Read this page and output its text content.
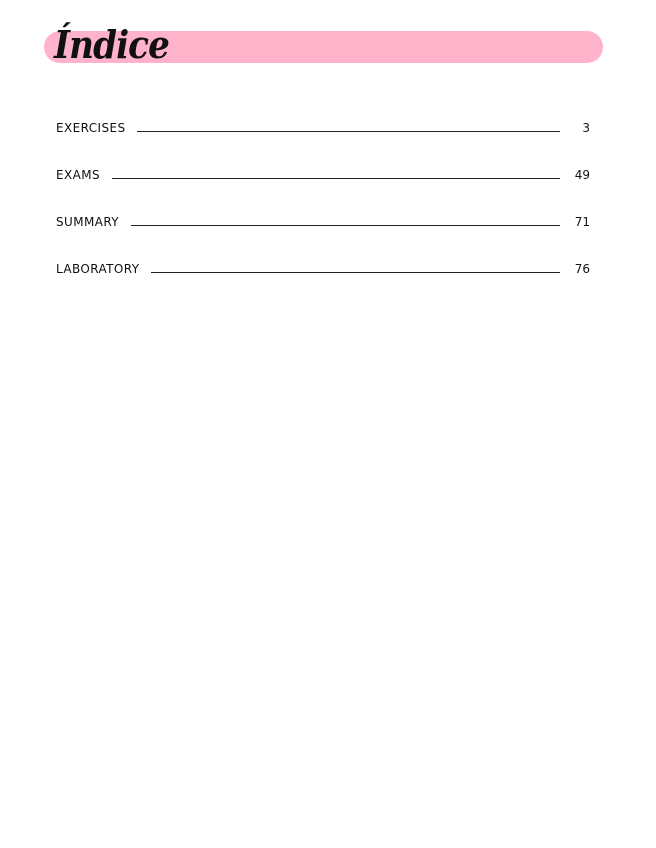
Índice
EXERCISES	3
EXAMS	49
SUMMARY	71
LABORATORY	76
